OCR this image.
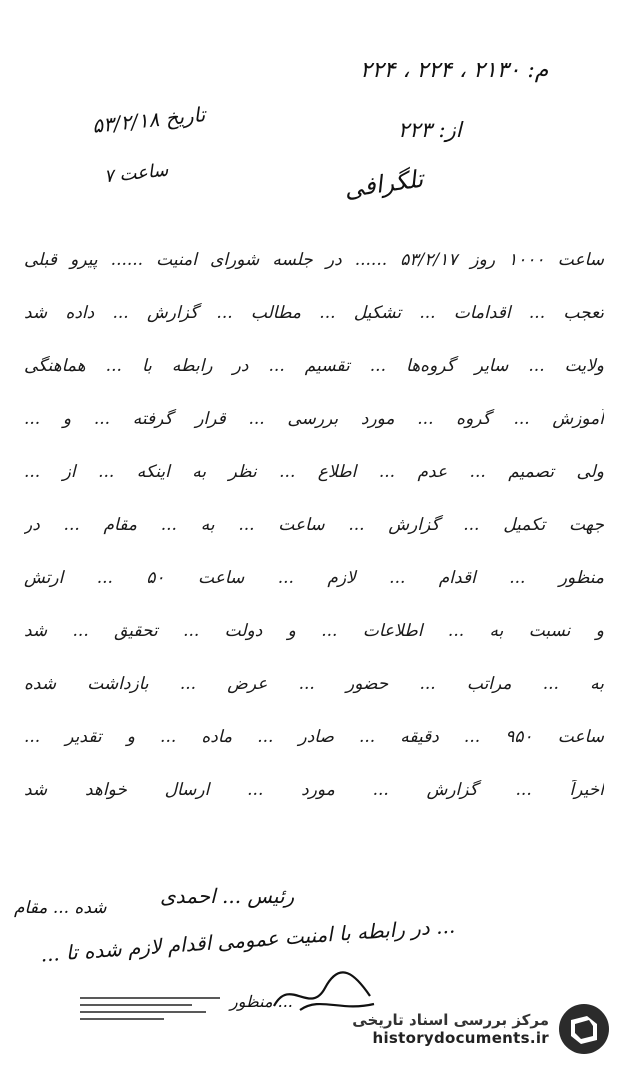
م: ۲۱۳۰ ، ۲۲۴ ، ۲۲۴
از: ۲۲۳
تاریخ ۵۳/۲/۱۸
ساعت ۷	تلگرافی
ساعت ۱۰۰۰ روز ۵۳/۲/۱۷ ...... در جلسه شورای امنیت ...... پیرو قبلی
تعجب ... اقدامات ... تشکیل ... مطالب ... گزارش ... داده شد
ولایت ... سایر گروه‌ها ... تقسیم ... در رابطه با ... هماهنگی
آموزش ... گروه ... مورد بررسی ... قرار گرفته ... و ...
ولی تصمیم ... عدم ... اطلاع ... نظر به اینکه ... از ...
جهت تکمیل ... گزارش ... ساعت ... به ... مقام ... در
منظور ... اقدام ... لازم ... ساعت ۵۰ ... ارتش
و نسبت به ... اطلاعات ... و دولت ... تحقیق ... شد
به ... مراتب ... حضور ... عرض ... بازداشت شده
ساعت ۹۵۰ ... دقیقه ... صادر ... ماده ... و تقدیر ...
اخیراً ... گزارش ... مورد ... ارسال خواهد شد
رئیس ... احمدی
شده ... مقام
... در رابطه با امنیت عمومی اقدام لازم شده تا ...
منظور ...
مرکز بررسی اسناد تاریخی
historydocuments.ir
